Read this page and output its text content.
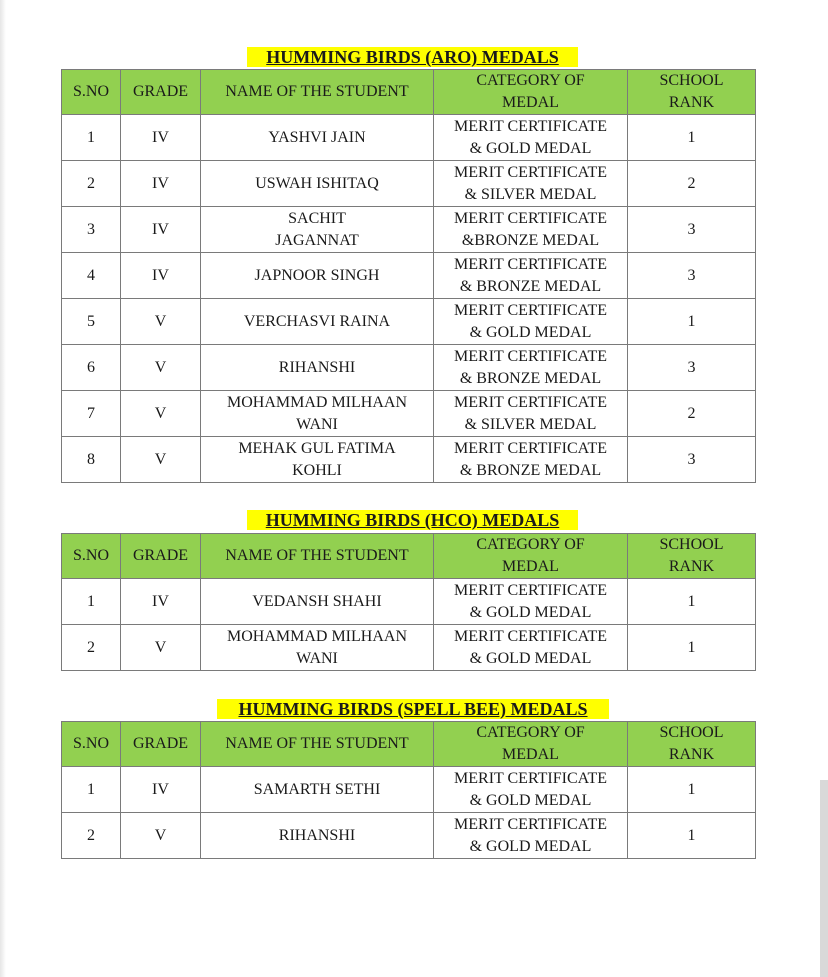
HUMMING BIRDS (ARO) MEDALS
S.NO	GRADE	NAME OF THE STUDENT	CATEGORY OF
MEDAL	SCHOOL
RANK
1	IV	YASHVI JAIN	MERIT CERTIFICATE
& GOLD MEDAL	1
2	IV	USWAH ISHITAQ	MERIT CERTIFICATE
& SILVER MEDAL	2
3	IV	SACHIT
JAGANNAT	MERIT CERTIFICATE
&BRONZE MEDAL	3
4	IV	JAPNOOR SINGH	MERIT CERTIFICATE
& BRONZE MEDAL	3
5	V	VERCHASVI RAINA	MERIT CERTIFICATE
& GOLD MEDAL	1
6	V	RIHANSHI	MERIT CERTIFICATE
& BRONZE MEDAL	3
7	V	MOHAMMAD MILHAAN
WANI	MERIT CERTIFICATE
& SILVER MEDAL	2
8	V	MEHAK GUL FATIMA
KOHLI	MERIT CERTIFICATE
& BRONZE MEDAL	3
HUMMING BIRDS (HCO) MEDALS
S.NO	GRADE	NAME OF THE STUDENT	CATEGORY OF
MEDAL	SCHOOL
RANK
1	IV	VEDANSH SHAHI	MERIT CERTIFICATE
& GOLD MEDAL	1
2	V	MOHAMMAD MILHAAN
WANI	MERIT CERTIFICATE
& GOLD MEDAL	1
HUMMING BIRDS (SPELL BEE) MEDALS
S.NO	GRADE	NAME OF THE STUDENT	CATEGORY OF
MEDAL	SCHOOL
RANK
1	IV	SAMARTH SETHI	MERIT CERTIFICATE
& GOLD MEDAL	1
2	V	RIHANSHI	MERIT CERTIFICATE
& GOLD MEDAL	1
